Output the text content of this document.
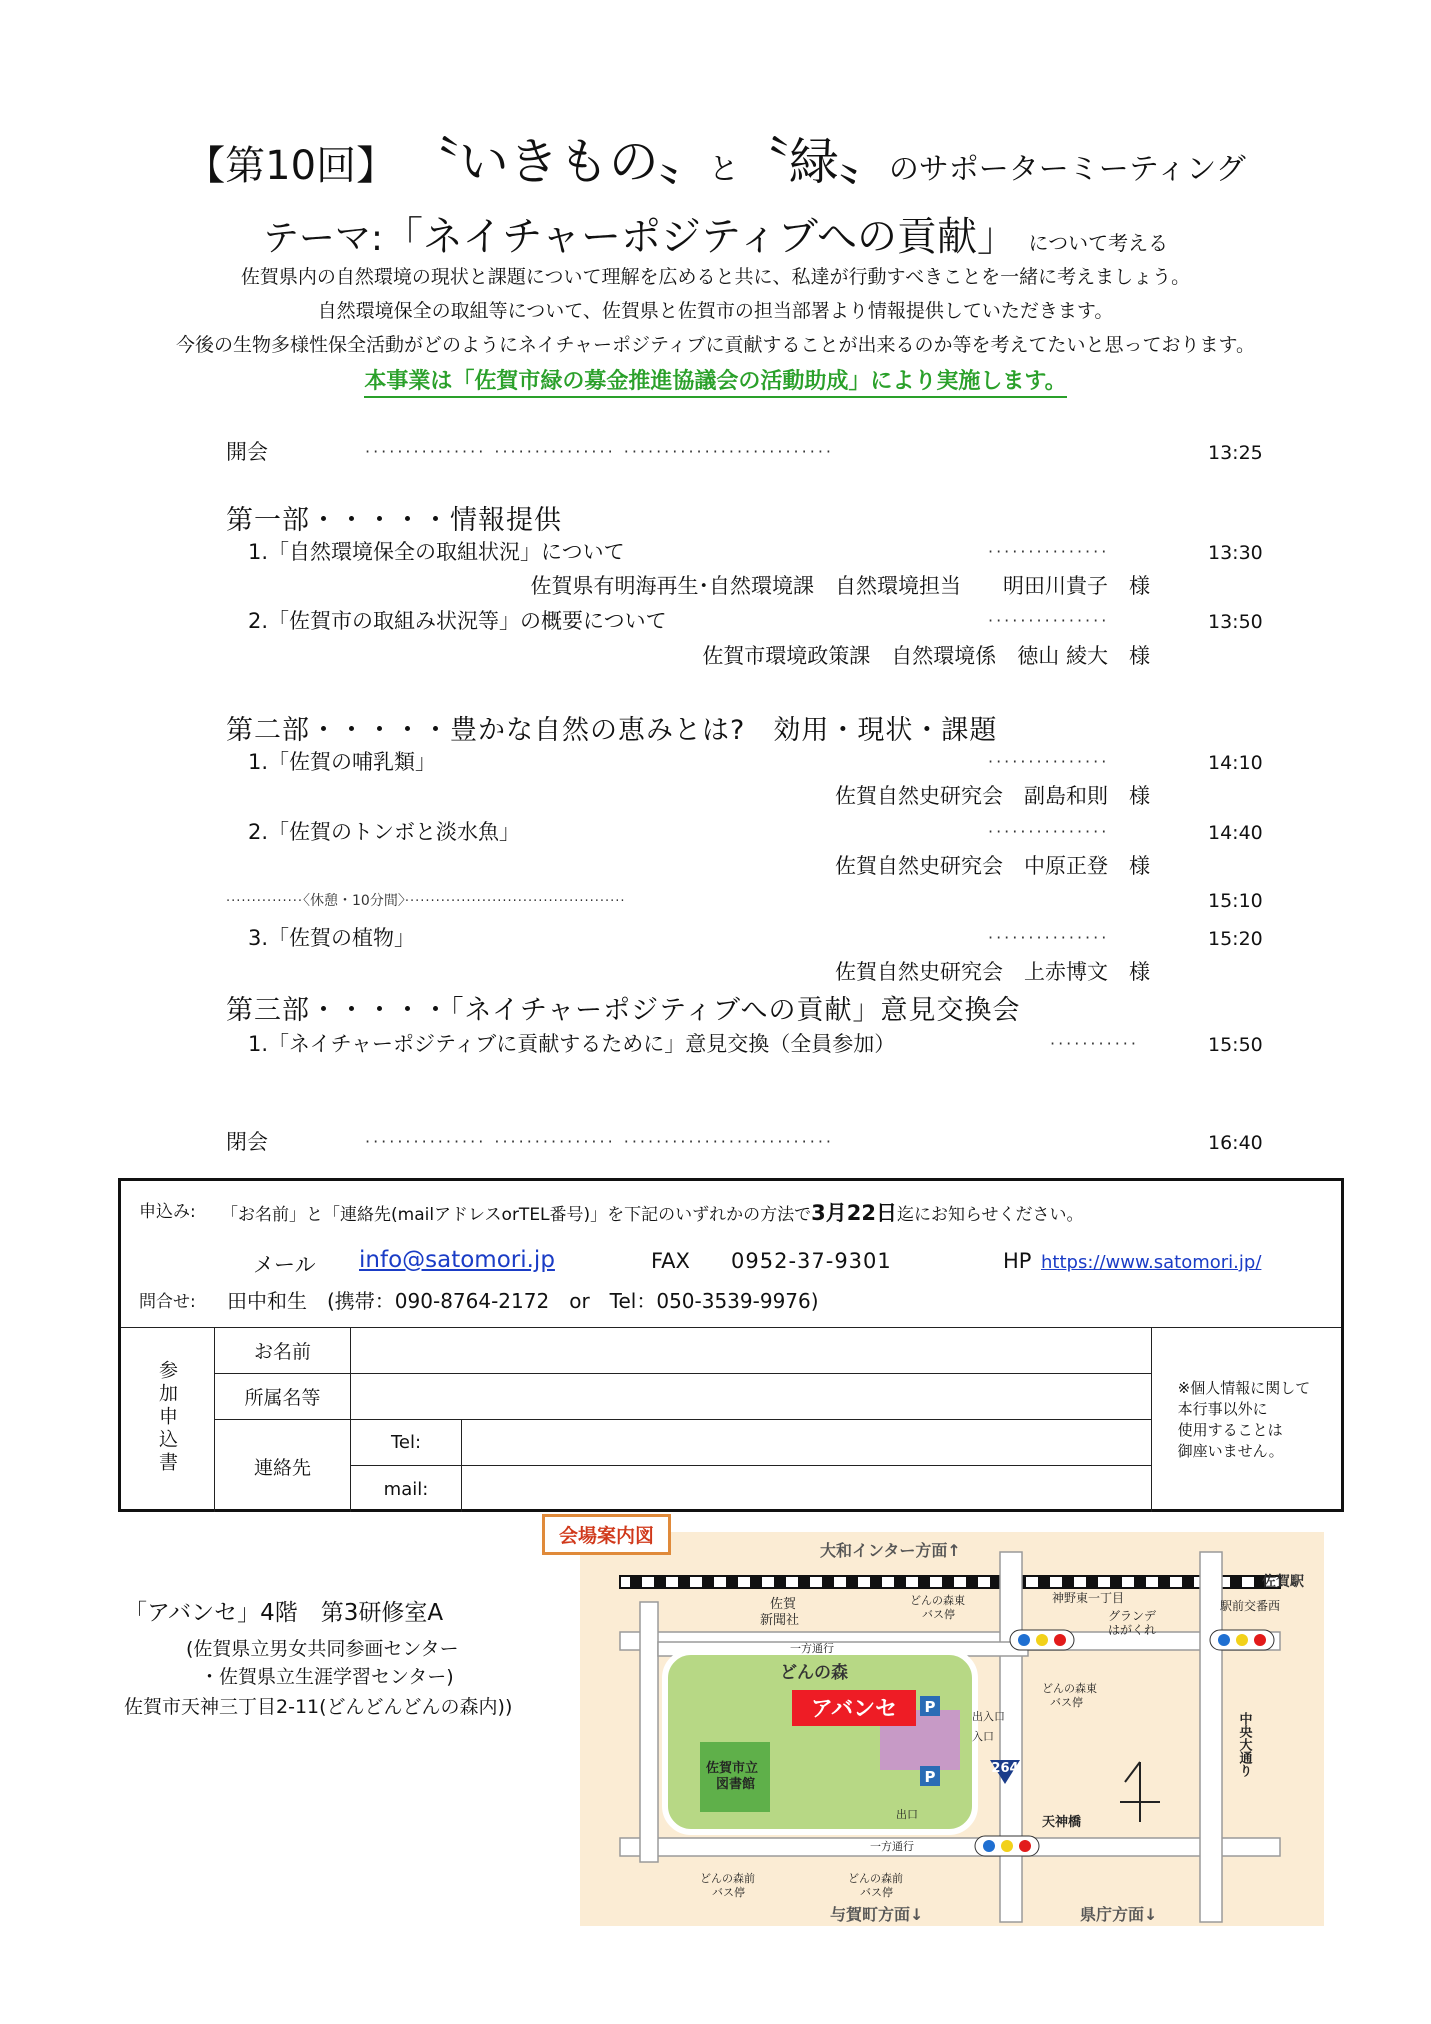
【第10回】 〝いきもの〟と〝緑〟のサポーターミーティング
テーマ:「ネイチャーポジティブへの貢献」 について考える
佐賀県内の自然環境の現状と課題について理解を広めると共に、私達が行動すべきことを一緒に考えましょう。
自然環境保全の取組等について、佐賀県と佐賀市の担当部署より情報提供していただきます。
今後の生物多様性保全活動がどのようにネイチャーポジティブに貢献することが出来るのか等を考えてたいと思っております。
本事業は「佐賀市緑の募金推進協議会の活動助成」により実施します。
開会	··············· ··············· ··························	13:25
第一部・・・・・情報提供
1.「自然環境保全の取組状況」について	···············	13:30
佐賀県有明海再生･自然環境課　自然環境担当　　明田川貴子　様
2.「佐賀市の取組み状況等」の概要について	···············	13:50
佐賀市環境政策課　自然環境係　徳山 綾大　様
第二部・・・・・豊かな自然の恵みとは?　効用・現状・課題
1.「佐賀の哺乳類」	···············	14:10
佐賀自然史研究会　副島和則　様
2.「佐賀のトンボと淡水魚」	···············	14:40
佐賀自然史研究会　中原正登　様
···············〈休憩・10分間〉···········································	15:10
3.「佐賀の植物」	···············	15:20
佐賀自然史研究会　上赤博文　様
第三部・・・・・「ネイチャーポジティブへの貢献」意見交換会
1.「ネイチャーポジティブに貢献するために」意見交換（全員参加）	···········	15:50
閉会	··············· ··············· ··························	16:40
申込み: 「お名前」と「連絡先(mailアドレスorTEL番号)」を下記のいずれかの方法で3月22日迄にお知らせください。
メール info@satomori.jp	FAX 0952-37-9301	HP https://www.satomori.jp/
問合せ: 田中和生　(携帯：090-8764-2172　or　Tel：050-3539-9976)
参加申込書	お名前			※個人情報に関して
本行事以外に
使用することは
御座いません。

	所属名等			
	連絡先	Tel:		
		mail:		
「アバンセ」4階　第3研修室A
(佐賀県立男女共同参画センター
・佐賀県立生涯学習センター)
佐賀市天神三丁目2-11(どんどんどんの森内))	P
P
アバンセ
264
大和インター方面↑
佐賀駅
与賀町方面↓	県庁方面↓
佐賀新聞社
どんの森東バス停
神野東一丁目
グランデはがくれ
駅前交番西
一方通行
一方通行
どんの森
佐賀市立図書館
出入口
入口
出口
どんの森東バス停
天神橋
中央大通り
どんの森前バス停
どんの森前バス停
会場案内図
